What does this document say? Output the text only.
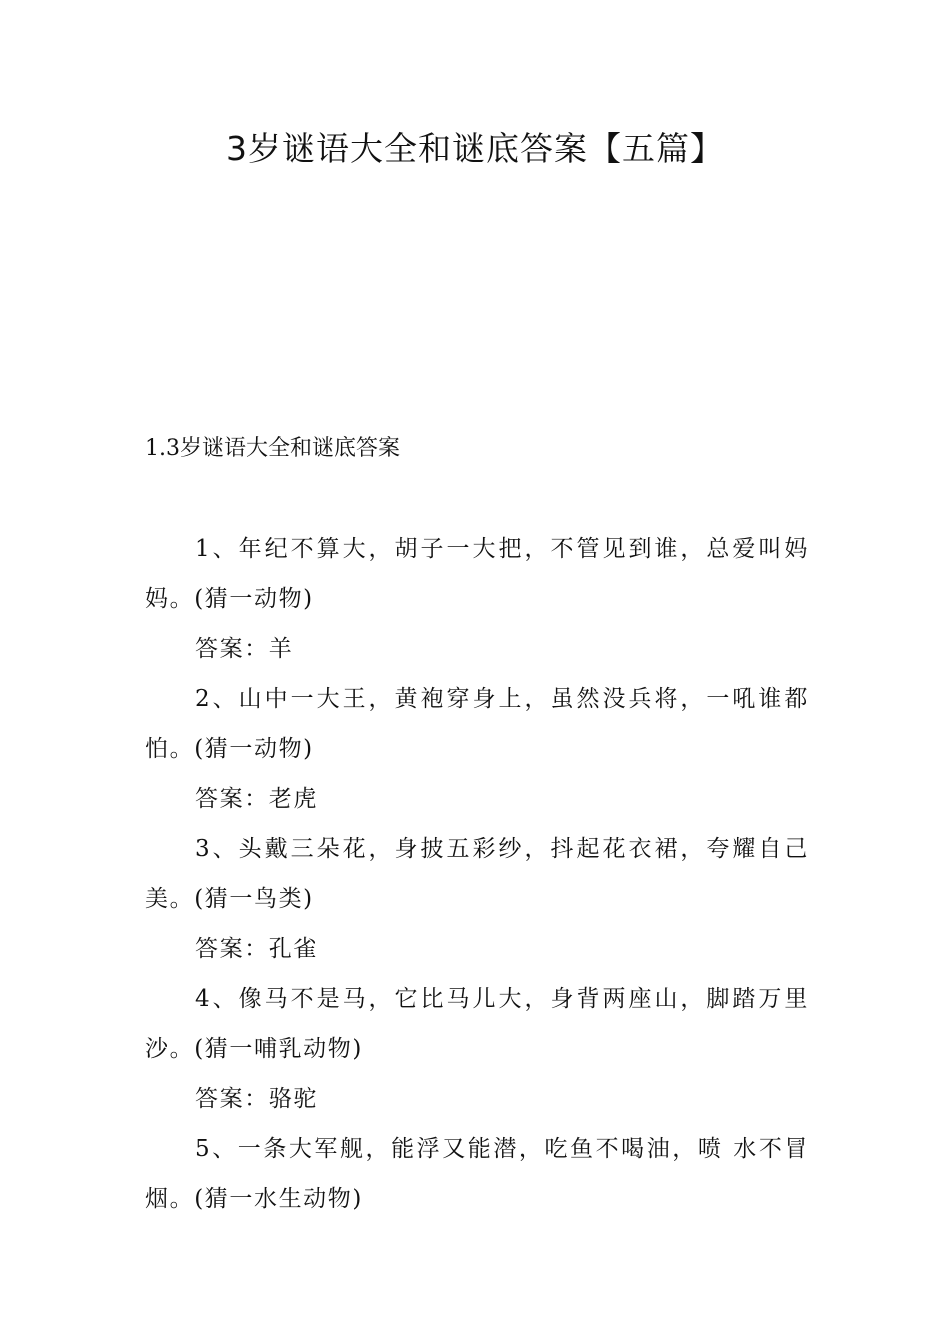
3岁谜语大全和谜底答案【五篇】
1.3岁谜语大全和谜底答案

1、年纪不算大，胡子一大把，不管见到谁，总爱叫妈妈。(猜一动物)

答案：羊

2、山中一大王，黄袍穿身上，虽然没兵将，一吼谁都怕。(猜一动物)

答案：老虎

3、头戴三朵花，身披五彩纱，抖起花衣裙，夸耀自己美。(猜一鸟类)

答案：孔雀

4、像马不是马，它比马儿大，身背两座山，脚踏万里沙。(猜一哺乳动物)

答案：骆驼

5、一条大军舰，能浮又能潜，吃鱼不喝油，喷 水不冒烟。(猜一水生动物)
